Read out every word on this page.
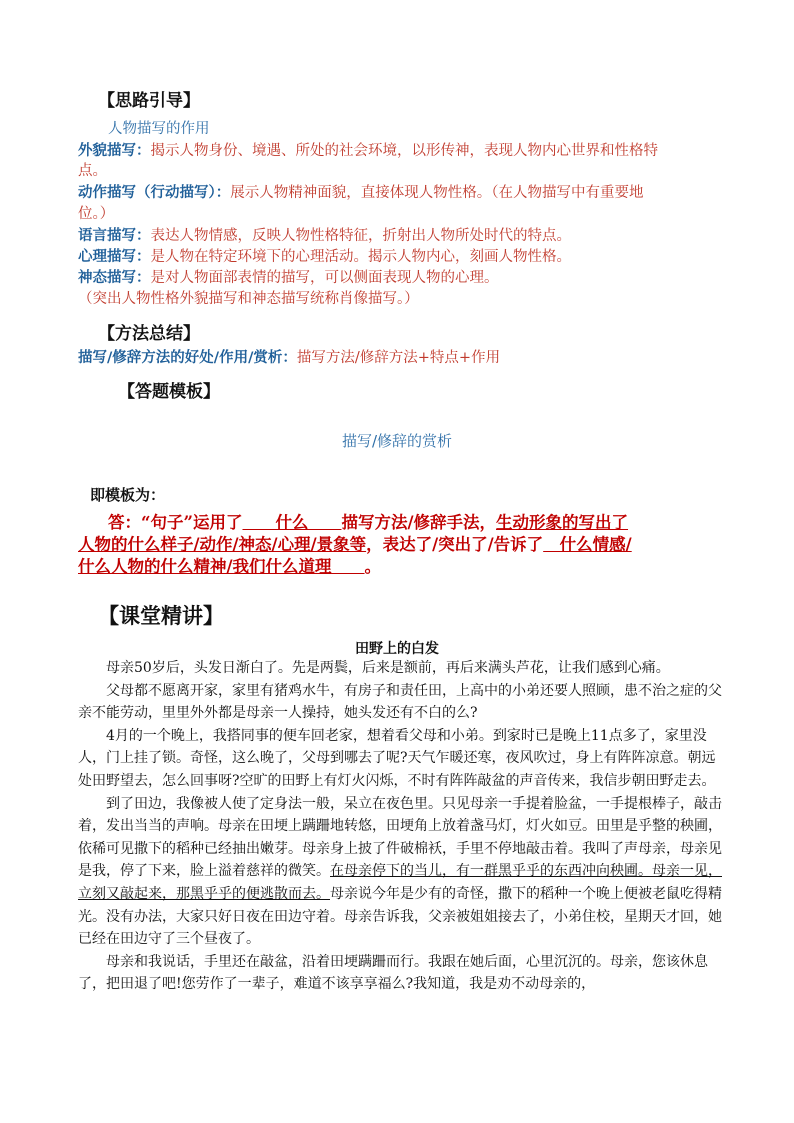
【思路引导】
人物描写的作用
外貌描写：揭示人物身份、境遇、所处的社会环境，以形传神，表现人物内心世界和性格特
点。
动作描写（行动描写）：展示人物精神面貌，直接体现人物性格。（在人物描写中有重要地
位。）
语言描写：表达人物情感，反映人物性格特征，折射出人物所处时代的特点。
心理描写：是人物在特定环境下的心理活动。揭示人物内心，刻画人物性格。
神态描写：是对人物面部表情的描写，可以侧面表现人物的心理。
（突出人物性格外貌描写和神态描写统称肖像描写。）
【方法总结】
描写/修辞方法的好处/作用/赏析：描写方法/修辞方法+特点+作用
【答题模板】
描写/修辞的赏析
即模板为：
答：“句子”运用了　　什么　　描写方法/修辞手法，生动形象的写出了
人物的什么样子/动作/神态/心理/景象等，表达了/突出了/告诉了　什么情感/
什么人物的什么精神/我们什么道理　　 。
【课堂精讲】
田野上的白发

母亲50岁后，头发日渐白了。先是两鬓，后来是额前，再后来满头芦花，让我们感到心痛。

父母都不愿离开家，家里有猪鸡水牛，有房子和责任田，上高中的小弟还要人照顾，患不治之症的父亲不能劳动，里里外外都是母亲一人操持，她头发还有不白的么?

4月的一个晚上，我搭同事的便车回老家，想着看父母和小弟。到家时已是晚上11点多了，家里没人，门上挂了锁。奇怪，这么晚了，父母到哪去了呢?天气乍暖还寒，夜风吹过，身上有阵阵凉意。朝远处田野望去，怎么回事呀?空旷的田野上有灯火闪烁，不时有阵阵敲盆的声音传来，我信步朝田野走去。

到了田边，我像被人使了定身法一般，呆立在夜色里。只见母亲一手提着脸盆，一手提根棒子，敲击着，发出当当的声响。母亲在田埂上蹒跚地转悠，田埂角上放着盏马灯，灯火如豆。田里是乎整的秧圃，依稀可见撒下的稻种已经抽出嫩芽。母亲身上披了件破棉袄，手里不停地敲击着。我叫了声母亲，母亲见是我，停了下来，脸上溢着慈祥的微笑。在母亲停下的当儿，有一群黑乎乎的东西冲向秧圃。母亲一见，立刻又敲起来，那黑乎乎的便逃散而去。母亲说今年是少有的奇怪，撒下的稻种一个晚上便被老鼠吃得精光。没有办法，大家只好日夜在田边守着。母亲告诉我，父亲被姐姐接去了，小弟住校，星期天才回，她已经在田边守了三个昼夜了。

母亲和我说话，手里还在敲盆，沿着田埂蹒跚而行。我跟在她后面，心里沉沉的。母亲，您该休息了，把田退了吧!您劳作了一辈子，难道不该享享福么?我知道，我是劝不动母亲的，
